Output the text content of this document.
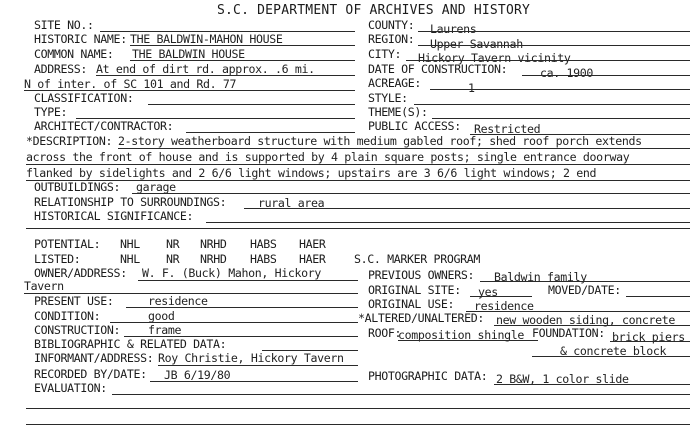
S.C. DEPARTMENT OF ARCHIVES AND HISTORY
SITE NO.:
HISTORIC NAME: THE BALDWIN-MAHON HOUSE
COMMON NAME: THE BALDWIN HOUSE
ADDRESS: At end of dirt rd. approx. .6 mi.
N of inter. of SC 101 and Rd. 77
CLASSIFICATION:
TYPE:
ARCHITECT/CONTRACTOR:
COUNTY: Laurens
REGION: Upper Savannah
CITY: Hickory Tavern vicinity
DATE OF CONSTRUCTION:	ca. 1900
ACREAGE:	1
STYLE:
THEME(S):
PUBLIC ACCESS: Restricted
*DESCRIPTION: 2-story weatherboard structure with medium gabled roof; shed roof porch extends
across the front of house and is supported by 4 plain square posts; single entrance doorway
flanked by sidelights and 2 6/6 light windows; upstairs are 3 6/6 light windows; 2 end
OUTBUILDINGS: garage
RELATIONSHIP TO SURROUNDINGS:	rural area
HISTORICAL SIGNIFICANCE:
POTENTIAL: NHL NR NRHD HABS HAER
LISTED:	NHL NR NRHD HABS HAER S.C. MARKER PROGRAM
OWNER/ADDRESS: W. F. (Buck) Mahon, Hickory
Tavern
PREVIOUS OWNERS: Baldwin family
ORIGINAL SITE: yes	MOVED/DATE:
PRESENT USE:	residence	ORIGINAL USE: residence
CONDITION:	good	*ALTERED/UNALTERED: new wooden siding, concrete
CONSTRUCTION: frame	ROOF:
composition shingle FOUNDATION: brick piers
& concrete block
BIBLIOGRAPHIC & RELATED DATA:
INFORMANT/ADDRESS: Roy Christie, Hickory Tavern
RECORDED BY/DATE: JB 6/19/80	PHOTOGRAPHIC DATA: 2 B&W, 1 color slide
EVALUATION:
